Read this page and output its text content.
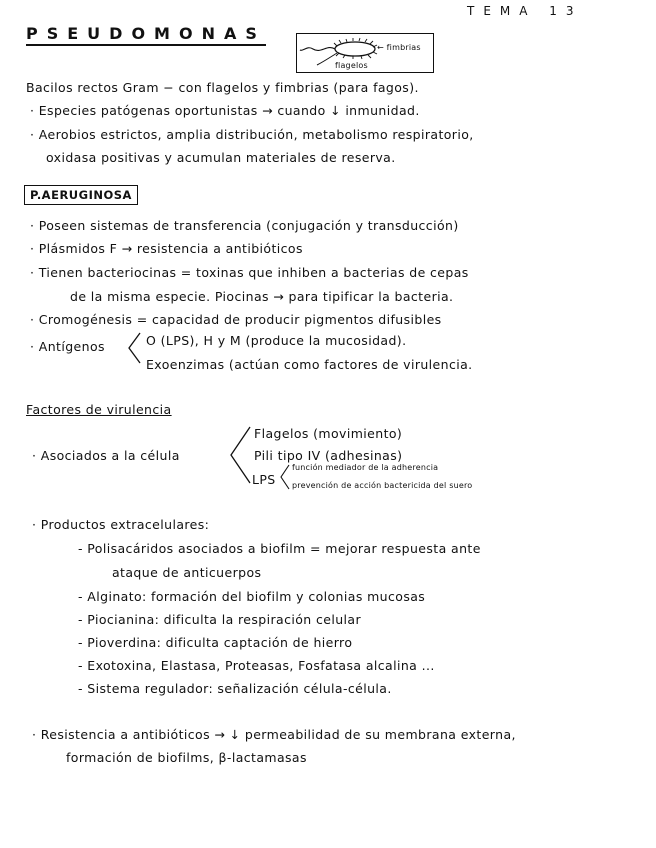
TEMA 13
PSEUDOMONAS
← fimbrias
flagelos
Bacilos rectos Gram − con flagelos y fimbrias (para fagos).
· Especies patógenas oportunistas → cuando ↓ inmunidad.
· Aerobios estrictos, amplia distribución, metabolismo respiratorio,
oxidasa positivas y acumulan materiales de reserva.
P.AERUGINOSA
· Poseen sistemas de transferencia (conjugación y transducción)
· Plásmidos F → resistencia a antibióticos
· Tienen bacteriocinas = toxinas que inhiben a bacterias de cepas
de la misma especie. Piocinas → para tipificar la bacteria.
· Cromogénesis = capacidad de producir pigmentos difusibles
· Antígenos	O (LPS), H y M (produce la mucosidad).
Exoenzimas (actúan como factores de virulencia.
Factores de virulencia
· Asociados a la célula
Flagelos (movimiento)
Pili tipo IV (adhesinas)
LPS
función mediador de la adherencia
prevención de acción bactericida del suero
· Productos extracelulares:
- Polisacáridos asociados a biofilm = mejorar respuesta ante
ataque de anticuerpos
- Alginato: formación del biofilm y colonias mucosas
- Piocianina: dificulta la respiración celular
- Pioverdina: dificulta captación de hierro
- Exotoxina, Elastasa, Proteasas, Fosfatasa alcalina ...
- Sistema regulador: señalización célula-célula.
· Resistencia a antibióticos → ↓ permeabilidad de su membrana externa,
formación de biofilms, β-lactamasas
